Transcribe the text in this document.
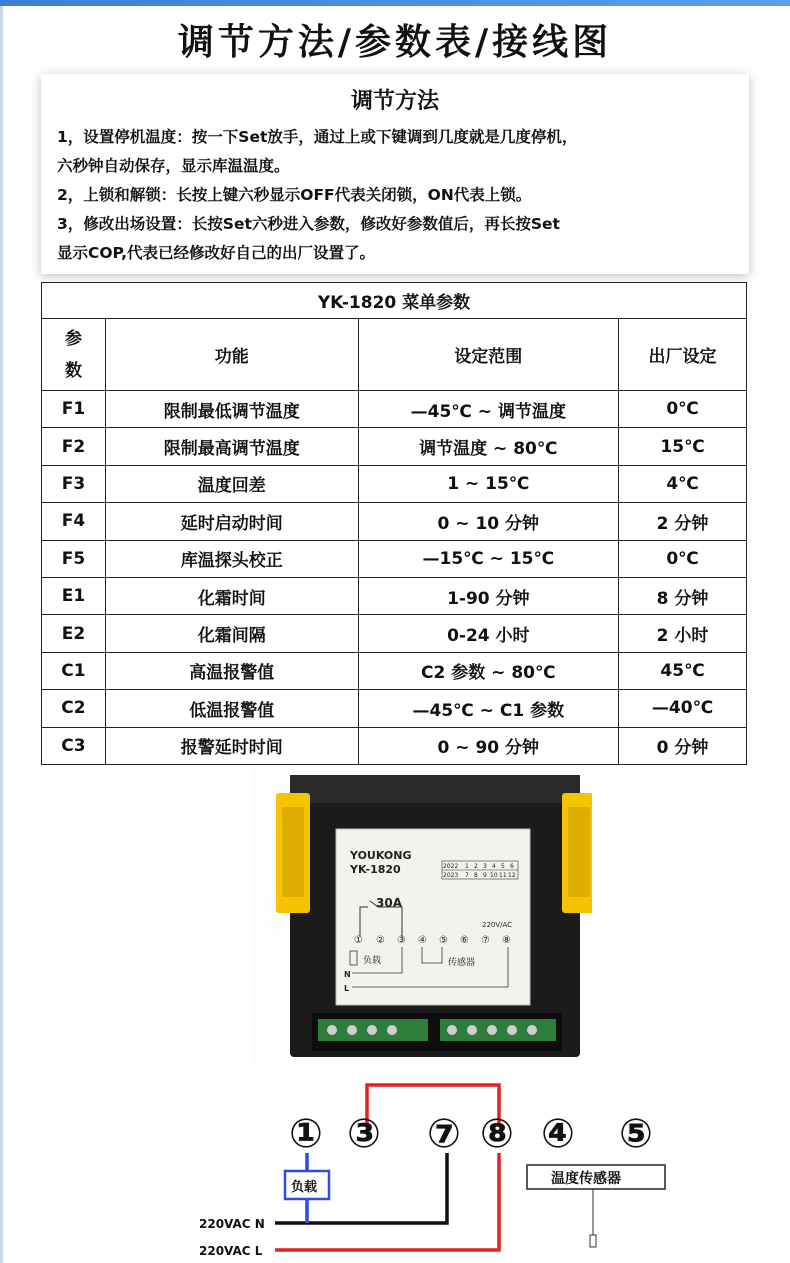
调节方法/参数表/接线图
调节方法
1，设置停机温度：按一下Set放手，通过上或下键调到几度就是几度停机，
六秒钟自动保存，显示库温温度。
2，上锁和解锁：长按上键六秒显示OFF代表关闭锁，ON代表上锁。
3，修改出场设置：长按Set六秒进入参数，修改好参数值后，再长按Set
显示COP,代表已经修改好自己的出厂设置了。
YK-1820 菜单参数			
参数	功能	设定范围	出厂设定
F1	限制最低调节温度	—45℃ ~ 调节温度	0℃
F2	限制最高调节温度	调节温度 ~ 80℃	15℃
F3	温度回差	1 ~ 15℃	4℃
F4	延时启动时间	0 ~ 10 分钟	2 分钟
F5	库温探头校正	—15℃ ~ 15℃	0℃
E1	化霜时间	1-90 分钟	8 分钟
E2	化霜间隔	0-24 小时	2 小时
C1	高温报警值	C2 参数 ~ 80℃	45℃
C2	低温报警值	—45℃ ~ C1 参数	—40℃
C3	报警延时时间	0 ~ 90 分钟	0 分钟
YOUKONG
YK-1820	2022 1 2 3 4 5 6
2023 7 8 9 10 11 12
30A
220V/AC
① ② ③ ④ ⑤ ⑥ ⑦ ⑧
负载	传感器
N
L
负载
① ③ ⑦ ⑧ ④ ⑤
温度传感器
220VAC N
220VAC L
